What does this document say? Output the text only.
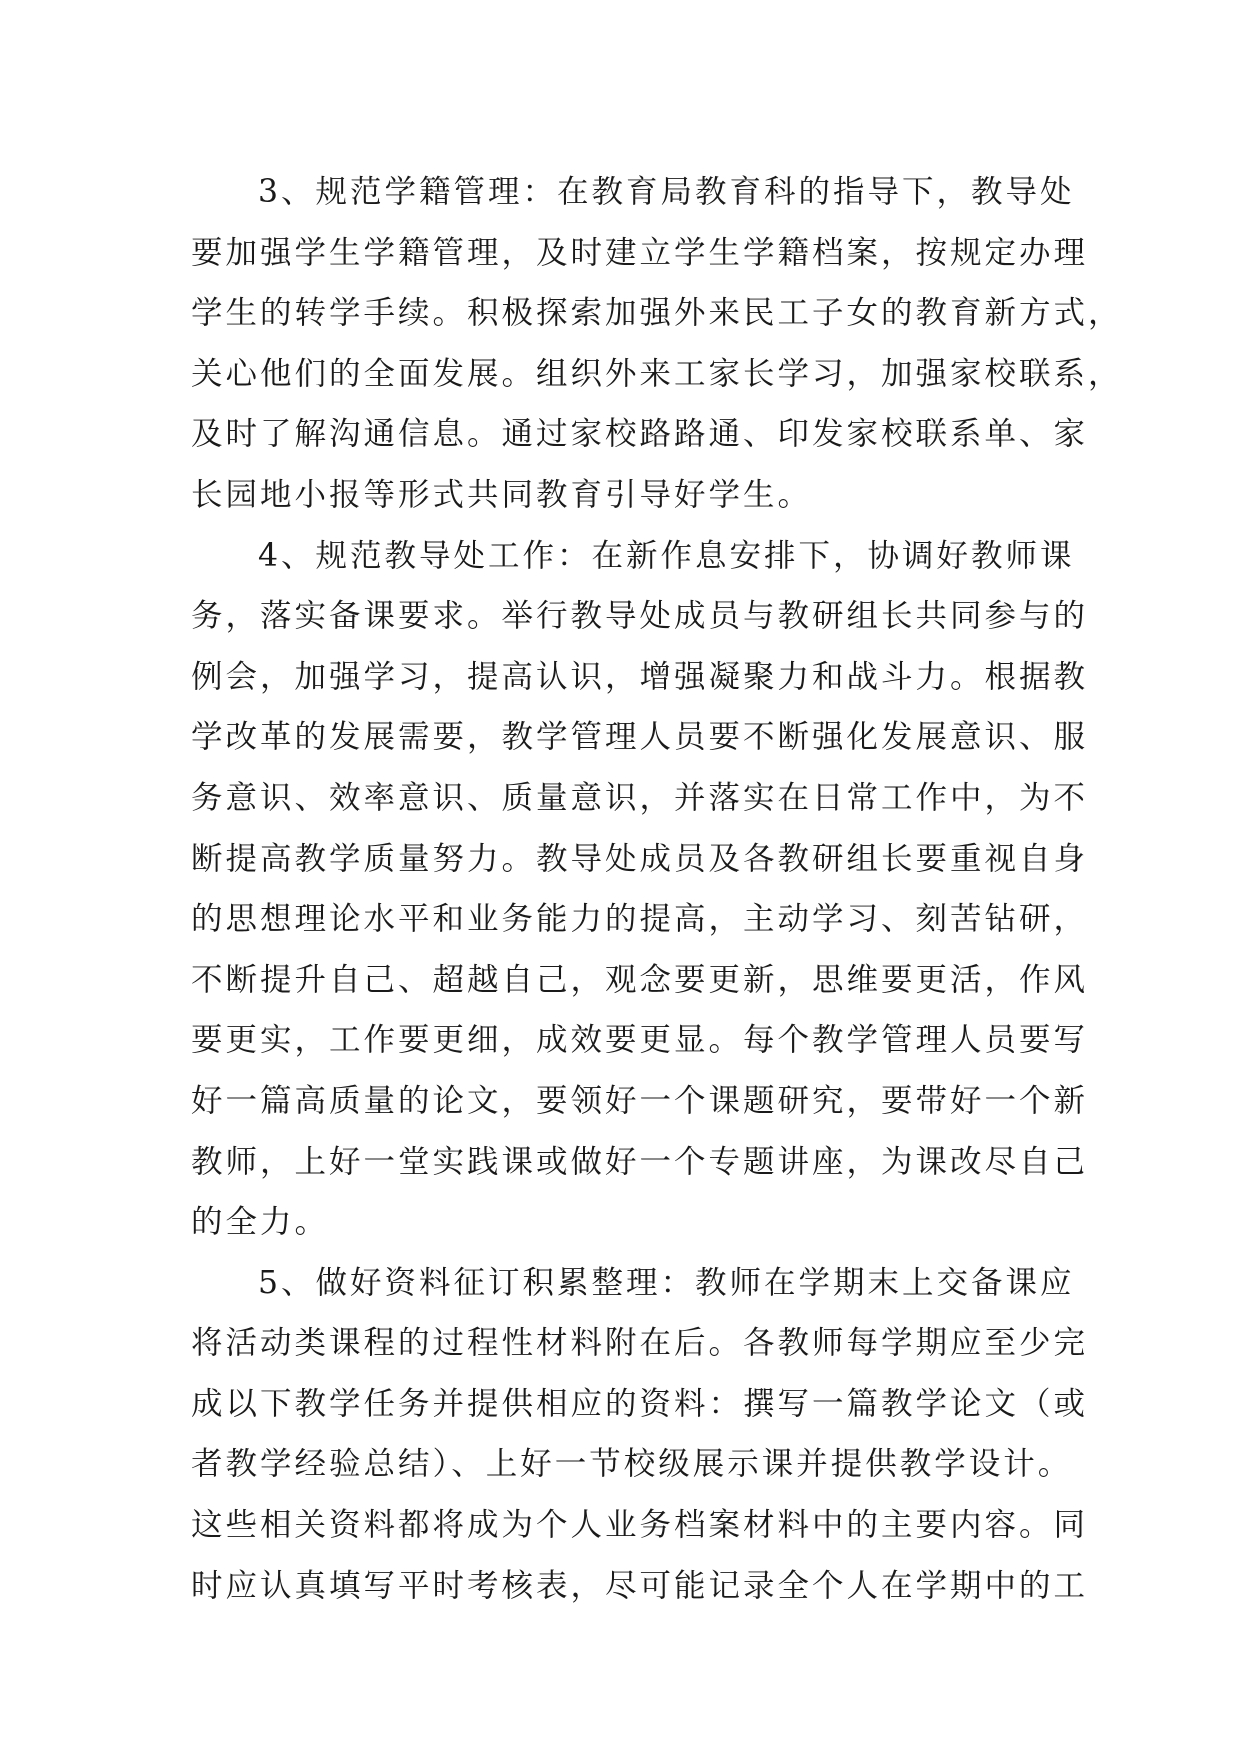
3、规范学籍管理：在教育局教育科的指导下，教导处
要加强学生学籍管理，及时建立学生学籍档案，按规定办理
学生的转学手续。积极探索加强外来民工子女的教育新方式，
关心他们的全面发展。组织外来工家长学习，加强家校联系，
及时了解沟通信息。通过家校路路通、印发家校联系单、家
长园地小报等形式共同教育引导好学生。
4、规范教导处工作：在新作息安排下，协调好教师课
务，落实备课要求。举行教导处成员与教研组长共同参与的
例会，加强学习，提高认识，增强凝聚力和战斗力。根据教
学改革的发展需要，教学管理人员要不断强化发展意识、服
务意识、效率意识、质量意识，并落实在日常工作中，为不
断提高教学质量努力。教导处成员及各教研组长要重视自身
的思想理论水平和业务能力的提高，主动学习、刻苦钻研，
不断提升自己、超越自己，观念要更新，思维要更活，作风
要更实，工作要更细，成效要更显。每个教学管理人员要写
好一篇高质量的论文，要领好一个课题研究，要带好一个新
教师，上好一堂实践课或做好一个专题讲座，为课改尽自己
的全力。
5、做好资料征订积累整理：教师在学期末上交备课应
将活动类课程的过程性材料附在后。各教师每学期应至少完
成以下教学任务并提供相应的资料：撰写一篇教学论文（或
者教学经验总结）、上好一节校级展示课并提供教学设计。
这些相关资料都将成为个人业务档案材料中的主要内容。同
时应认真填写平时考核表，尽可能记录全个人在学期中的工
